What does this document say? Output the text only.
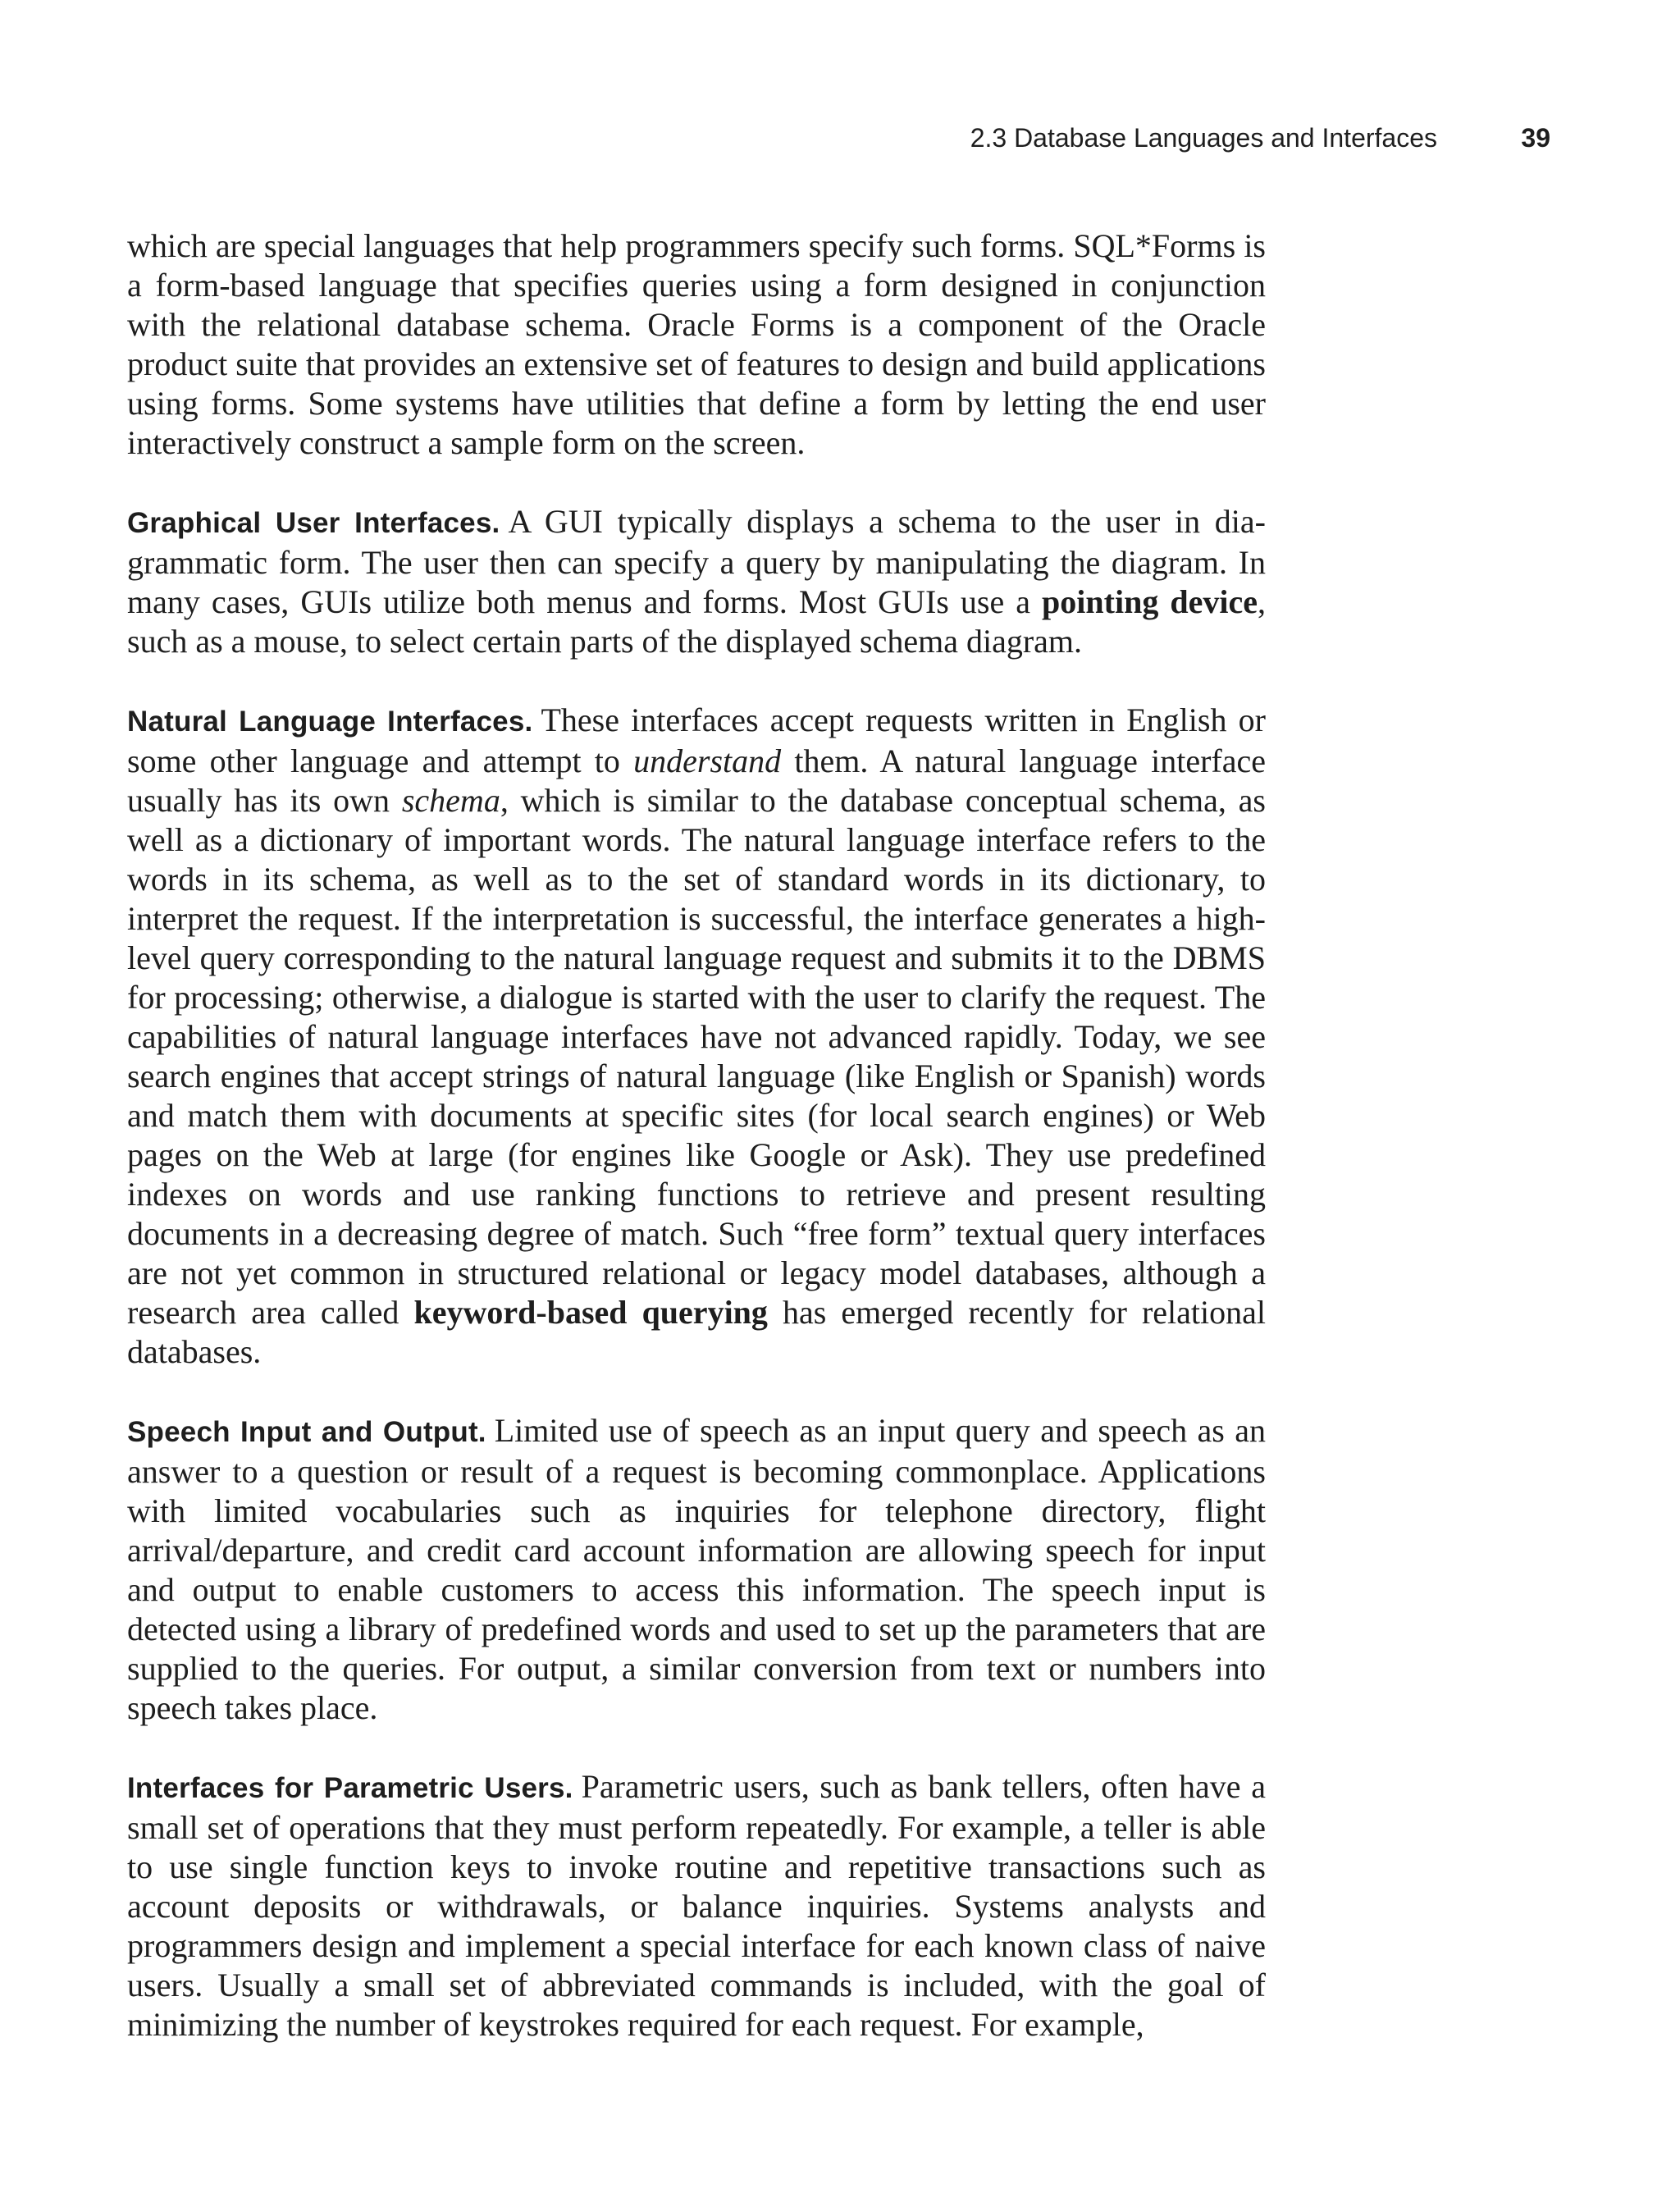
2.3 Database Languages and Interfaces	39

which are special languages that help programmers specify such forms. SQL*Forms is a form-based language that specifies queries using a form designed in conjunction with the relational database schema. Oracle Forms is a component of the Oracle product suite that provides an extensive set of features to design and build applications using forms. Some systems have utilities that define a form by letting the end user interactively construct a sample form on the screen.

Graphical User Interfaces. A GUI typically displays a schema to the user in diagrammatic form. The user then can specify a query by manipulating the diagram. In many cases, GUIs utilize both menus and forms. Most GUIs use a pointing device, such as a mouse, to select certain parts of the displayed schema diagram.

Natural Language Interfaces. These interfaces accept requests written in English or some other language and attempt to understand them. A natural language interface usually has its own schema, which is similar to the database conceptual schema, as well as a dictionary of important words. The natural language interface refers to the words in its schema, as well as to the set of standard words in its dictionary, to interpret the request. If the interpretation is successful, the interface generates a high-level query corresponding to the natural language request and submits it to the DBMS for processing; otherwise, a dialogue is started with the user to clarify the request. The capabilities of natural language interfaces have not advanced rapidly. Today, we see search engines that accept strings of natural language (like English or Spanish) words and match them with documents at specific sites (for local search engines) or Web pages on the Web at large (for engines like Google or Ask). They use predefined indexes on words and use ranking functions to retrieve and present resulting documents in a decreasing degree of match. Such “free form” textual query interfaces are not yet common in structured relational or legacy model databases, although a research area called keyword-based querying has emerged recently for relational databases.

Speech Input and Output. Limited use of speech as an input query and speech as an answer to a question or result of a request is becoming commonplace. Applications with limited vocabularies such as inquiries for telephone directory, flight arrival/departure, and credit card account information are allowing speech for input and output to enable customers to access this information. The speech input is detected using a library of predefined words and used to set up the parameters that are supplied to the queries. For output, a similar conversion from text or numbers into speech takes place.

Interfaces for Parametric Users. Parametric users, such as bank tellers, often have a small set of operations that they must perform repeatedly. For example, a teller is able to use single function keys to invoke routine and repetitive transactions such as account deposits or withdrawals, or balance inquiries. Systems analysts and programmers design and implement a special interface for each known class of naive users. Usually a small set of abbreviated commands is included, with the goal of minimizing the number of keystrokes required for each request. For example,
